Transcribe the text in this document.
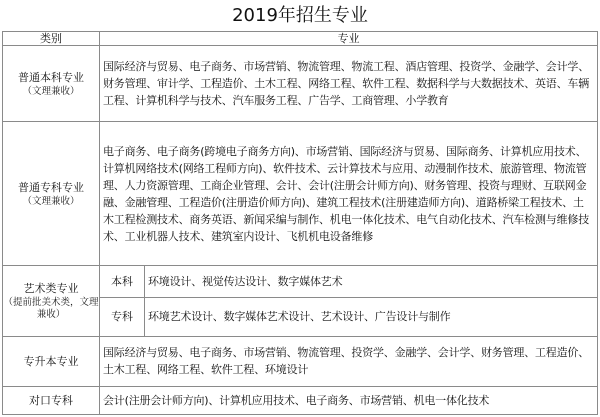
2019年招生专业
类别	专业	

普通本科专业
（文理兼收）	国际经济与贸易、电子商务、市场营销、物流管理、物流工程、酒店管理、投资学、金融学、会计学、财务管理、审计学、工程造价、土木工程、网络工程、软件工程、数据科学与大数据技术、英语、车辆工程、计算机科学与技术、汽车服务工程、广告学、工商管理、小学教育	

普通专科专业
（文理兼收）	电子商务、电子商务(跨境电子商务方向)、市场营销、国际经济与贸易、国际商务、计算机应用技术、计算机网络技术(网络工程师方向)、软件技术、云计算技术与应用、动漫制作技术、旅游管理、物流管理、人力资源管理、工商企业管理、会计、会计(注册会计师方向)、财务管理、投资与理财、互联网金融、金融管理、工程造价(注册造价师方向)、建筑工程技术(注册建造师方向)、道路桥梁工程技术、土木工程检测技术、商务英语、新闻采编与制作、机电一体化技术、电气自动化技术、汽车检测与维修技术、工业机器人技术、建筑室内设计、飞机机电设备维修	

艺术类专业
（提前批美术类，文理兼收）	本科	环境设计、视觉传达设计、数字媒体艺术
	专科	环境艺术设计、数字媒体艺术设计、艺术设计、广告设计与制作

专升本专业	国际经济与贸易、电子商务、市场营销、物流管理、投资学、金融学、会计学、财务管理、工程造价、土木工程、网络工程、软件工程、环境设计	

对口专科	会计(注册会计师方向)、计算机应用技术、电子商务、市场营销、机电一体化技术	
